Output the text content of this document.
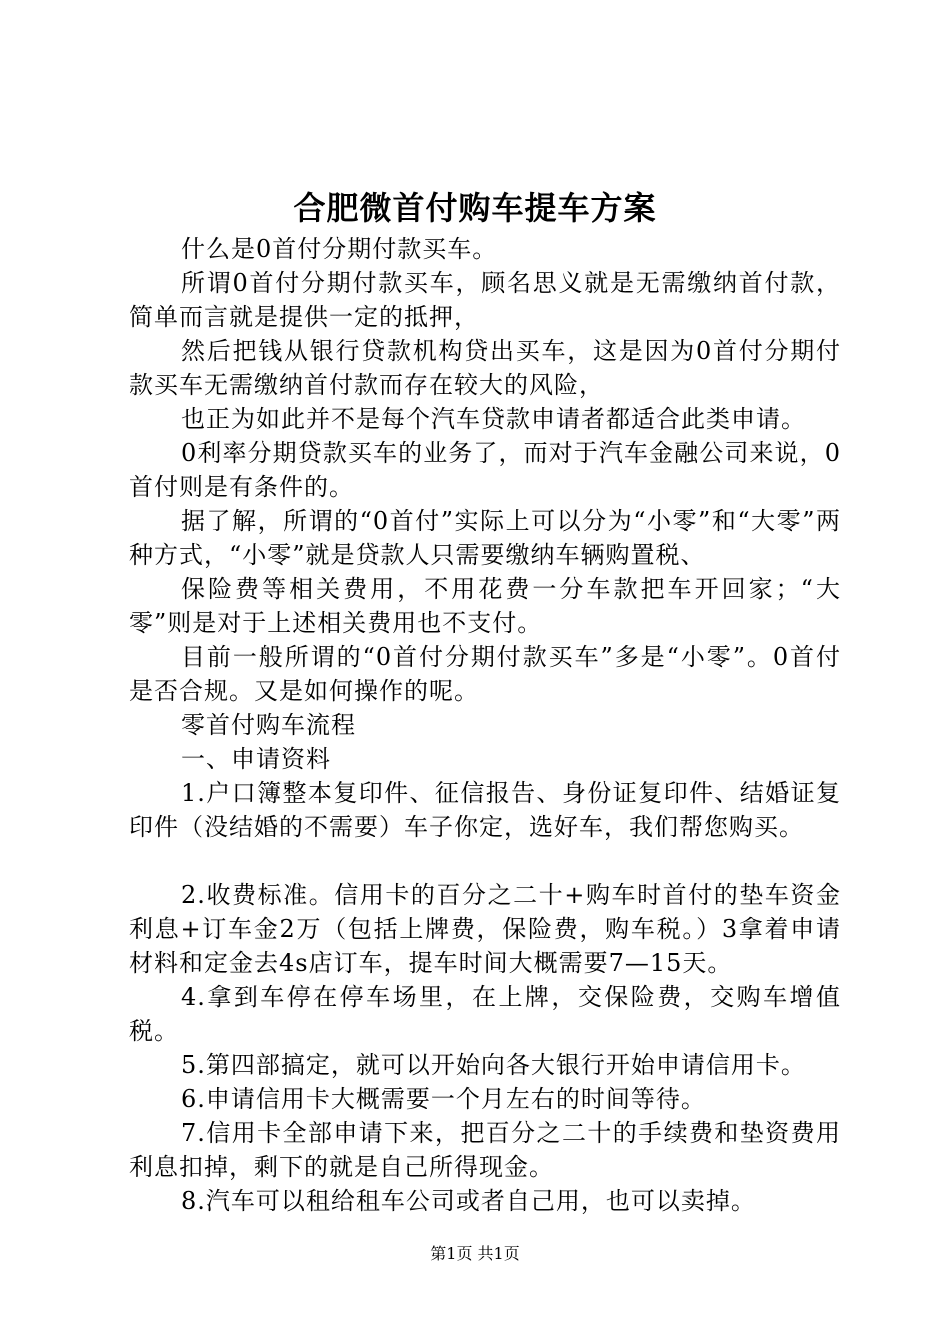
合肥微首付购车提车方案

什么是0首付分期付款买车。

所谓0首付分期付款买车，顾名思义就是无需缴纳首付款，简单而言就是提供一定的抵押，

然后把钱从银行贷款机构贷出买车，这是因为0首付分期付款买车无需缴纳首付款而存在较大的风险，

也正为如此并不是每个汽车贷款申请者都适合此类申请。

0利率分期贷款买车的业务了，而对于汽车金融公司来说，0首付则是有条件的。

据了解，所谓的“0首付”实际上可以分为“小零”和“大零”两种方式，“小零”就是贷款人只需要缴纳车辆购置税、

保险费等相关费用，不用花费一分车款把车开回家；“大零”则是对于上述相关费用也不支付。

目前一般所谓的“0首付分期付款买车”多是“小零”。0首付是否合规。又是如何操作的呢。

零首付购车流程

一、申请资料

1.户口簿整本复印件、征信报告、身份证复印件、结婚证复印件（没结婚的不需要）车子你定，选好车，我们帮您购买。

2.收费标准。信用卡的百分之二十+购车时首付的垫车资金利息+订车金2万（包括上牌费，保险费，购车税。）3拿着申请材料和定金去4s店订车，提车时间大概需要7—15天。

4.拿到车停在停车场里，在上牌，交保险费，交购车增值税。

5.第四部搞定，就可以开始向各大银行开始申请信用卡。

6.申请信用卡大概需要一个月左右的时间等待。

7.信用卡全部申请下来，把百分之二十的手续费和垫资费用利息扣掉，剩下的就是自己所得现金。

8.汽车可以租给租车公司或者自己用，也可以卖掉。

第1页 共1页
